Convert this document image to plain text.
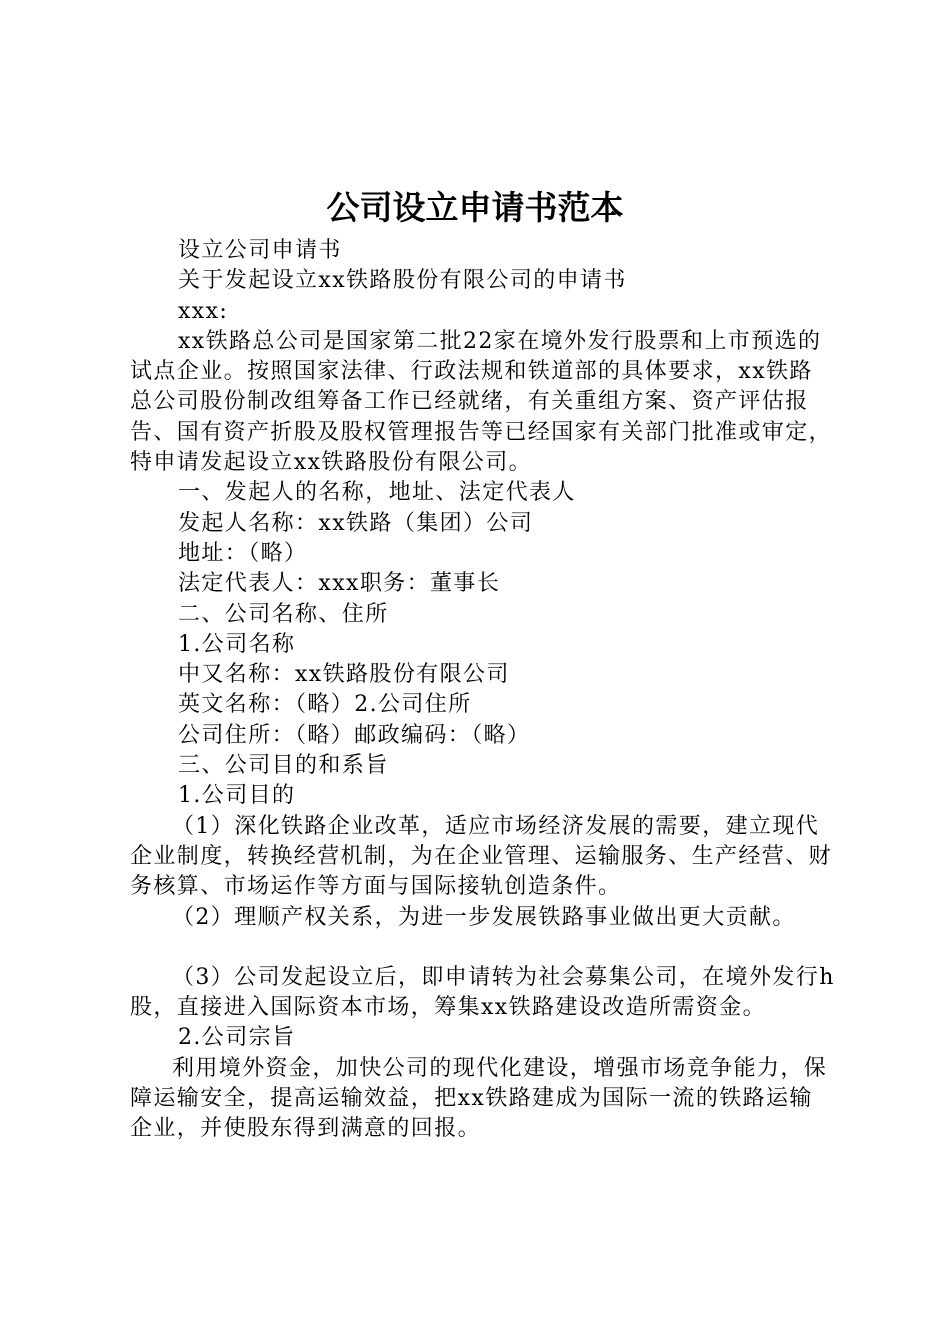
公司设立申请书范本

设立公司申请书

关于发起设立xx铁路股份有限公司的申请书

xxx:

xx铁路总公司是国家第二批22家在境外发行股票和上市预选的试点企业。按照国家法律、行政法规和铁道部的具体要求，xx铁路总公司股份制改组筹备工作已经就绪，有关重组方案、资产评估报告、国有资产折股及股权管理报告等已经国家有关部门批准或审定，特申请发起设立xx铁路股份有限公司。

一、发起人的名称，地址、法定代表人

发起人名称：xx铁路（集团）公司

地址：（略）

法定代表人：xxx职务：董事长

二、公司名称、住所

1.公司名称

中又名称：xx铁路股份有限公司

英文名称：（略）2.公司住所

公司住所：（略）邮政编码：（略）

三、公司目的和系旨

1.公司目的

（1）深化铁路企业改革，适应市场经济发展的需要，建立现代企业制度，转换经营机制，为在企业管理、运输服务、生产经营、财务核算、市场运作等方面与国际接轨创造条件。

（2）理顺产权关系，为进一步发展铁路事业做出更大贡献。

（3）公司发起设立后，即申请转为社会募集公司，在境外发行h股，直接进入国际资本市场，筹集xx铁路建设改造所需资金。

2.公司宗旨

利用境外资金，加快公司的现代化建设，增强市场竞争能力，保障运输安全，提高运输效益，把xx铁路建成为国际一流的铁路运输企业，并使股东得到满意的回报。
